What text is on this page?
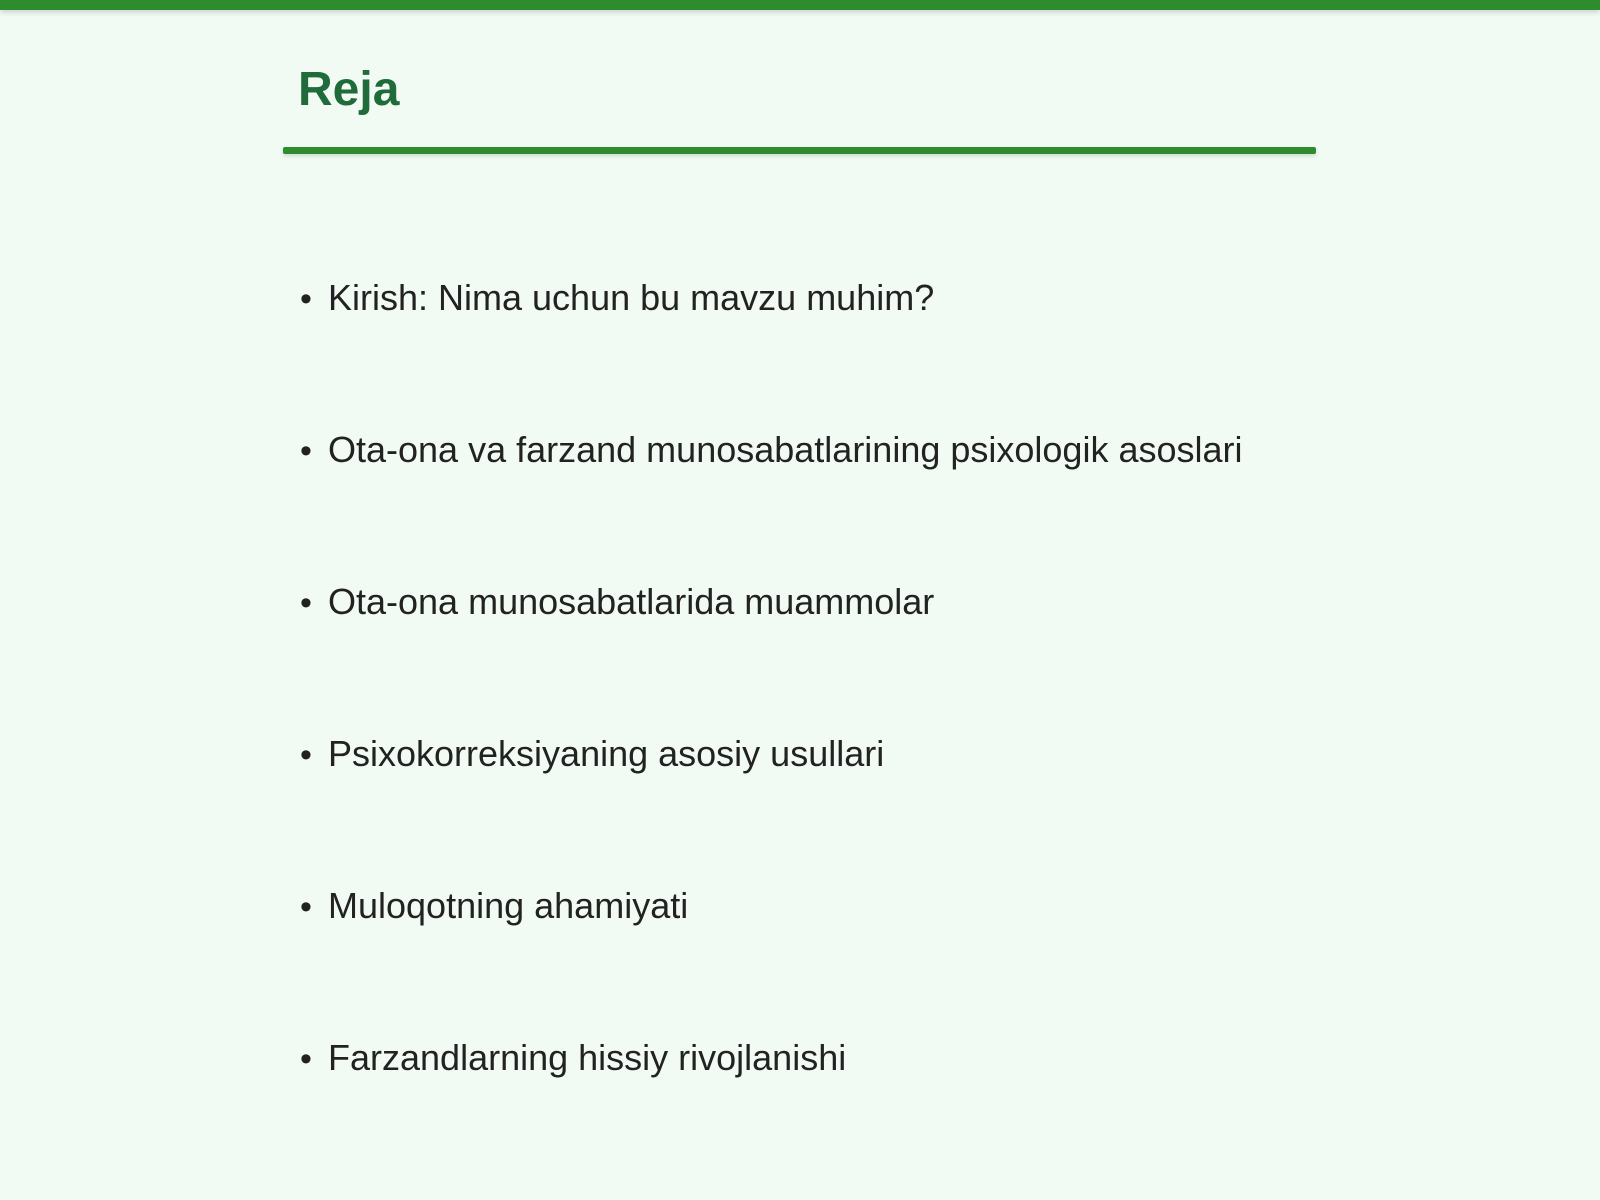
Reja
• Kirish: Nima uchun bu mavzu muhim?
• Ota-ona va farzand munosabatlarining psixologik asoslari
• Ota-ona munosabatlarida muammolar
• Psixokorreksiyaning asosiy usullari
• Muloqotning ahamiyati
• Farzandlarning hissiy rivojlanishi
